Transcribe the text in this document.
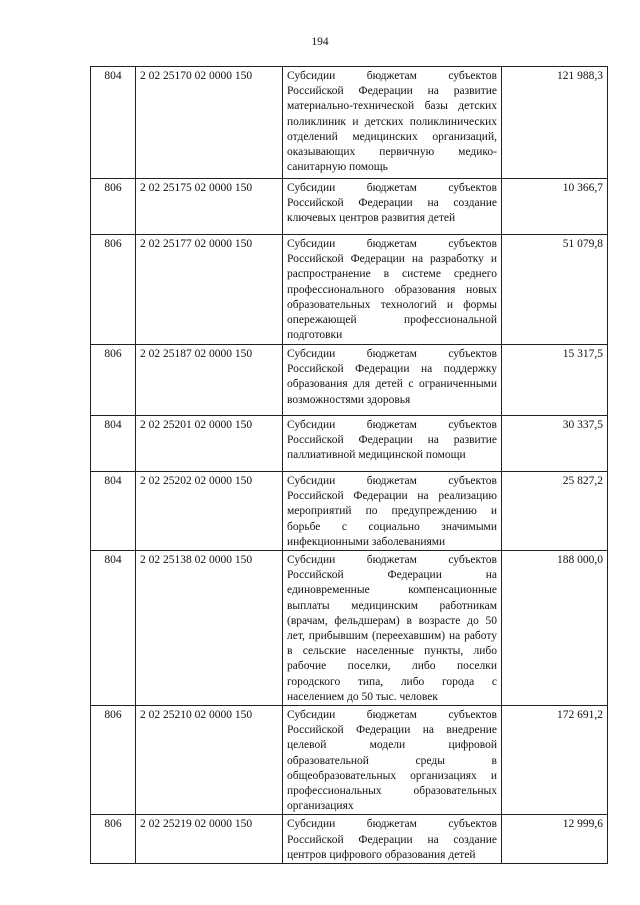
194
804	2 02 25170 02 0000 150	Субсидии бюджетам субъектов Российской Федерации на развитие материально-технической базы детских поликлиник и детских поликлинических отделений медицинских организаций, оказывающих первичную медико-санитарную помощь	121 988,3
806	2 02 25175 02 0000 150	Субсидии бюджетам субъектов Российской Федерации на создание ключевых центров развития детей	10 366,7
806	2 02 25177 02 0000 150	Субсидии бюджетам субъектов Российской Федерации на разработку и распространение в системе среднего профессионального образования новых образовательных технологий и формы опережающей профессиональной подготовки	51 079,8
806	2 02 25187 02 0000 150	Субсидии бюджетам субъектов Российской Федерации на поддержку образования для детей с ограниченными возможностями здоровья	15 317,5
804	2 02 25201 02 0000 150	Субсидии бюджетам субъектов Российской Федерации на развитие паллиативной медицинской помощи	30 337,5
804	2 02 25202 02 0000 150	Субсидии бюджетам субъектов Российской Федерации на реализацию мероприятий по предупреждению и борьбе с социально значимыми инфекционными заболеваниями	25 827,2
804	2 02 25138 02 0000 150	Субсидии бюджетам субъектов Российской Федерации на единовременные компенсационные выплаты медицинским работникам (врачам, фельдшерам) в возрасте до 50 лет, прибывшим (переехавшим) на работу в сельские населенные пункты, либо рабочие поселки, либо поселки городского типа, либо города с населением до 50 тыс. человек	188 000,0
806	2 02 25210 02 0000 150	Субсидии бюджетам субъектов Российской Федерации на внедрение целевой модели цифровой образовательной среды в общеобразовательных организациях и профессиональных образовательных организациях	172 691,2
806	2 02 25219 02 0000 150	Субсидии бюджетам субъектов Российской Федерации на создание центров цифрового образования детей	12 999,6
